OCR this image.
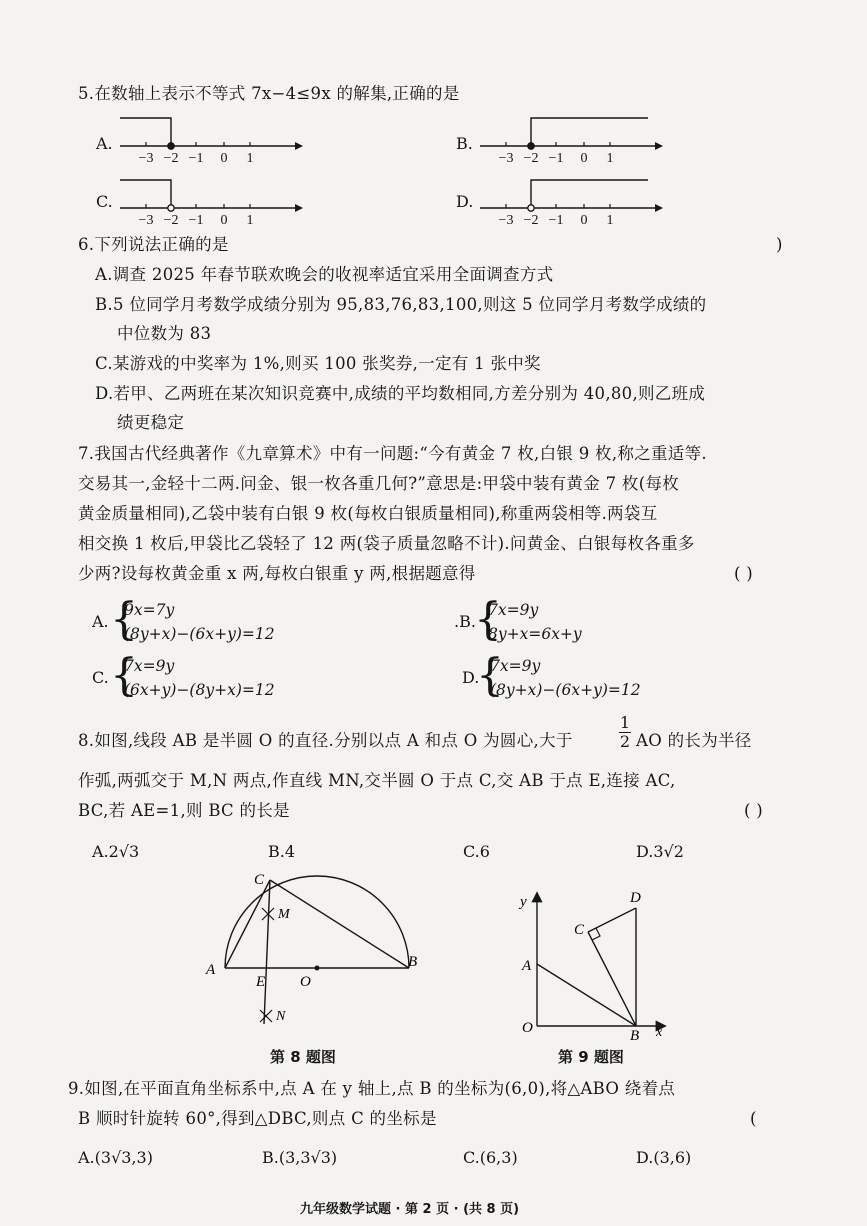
5.在数轴上表示不等式 7x−4≤9x 的解集,正确的是
A.
−3 −2 −1 0 1
B.
−3 −2 −1 0 1
C.
−3 −2 −1 0 1
D.
−3 −2 −1 0 1
6.下列说法正确的是	)
A.调查 2025 年春节联欢晚会的收视率适宜采用全面调查方式
B.5 位同学月考数学成绩分别为 95,83,76,83,100,则这 5 位同学月考数学成绩的
中位数为 83
C.某游戏的中奖率为 1%,则买 100 张奖券,一定有 1 张中奖
D.若甲、乙两班在某次知识竞赛中,成绩的平均数相同,方差分别为 40,80,则乙班成
绩更稳定
7.我国古代经典著作《九章算术》中有一问题:“今有黄金 7 枚,白银 9 枚,称之重适等.
交易其一,金轻十二两.问金、银一枚各重几何?”意思是:甲袋中装有黄金 7 枚(每枚
黄金质量相同),乙袋中装有白银 9 枚(每枚白银质量相同),称重两袋相等.两袋互
相交换 1 枚后,甲袋比乙袋轻了 12 两(袋子质量忽略不计).问黄金、白银每枚各重多
少两?设每枚黄金重 x 两,每枚白银重 y 两,根据题意得	( )
A. {
9x=7y
(8y+x)−(6x+y)=12
.B.
{
7x=9y
8y+x=6x+y
C. {
7x=9y
(6x+y)−(8y+x)=12
D.
{
7x=9y
(8y+x)−(6x+y)=12
8.如图,线段 AB 是半圆 O 的直径.分别以点 A 和点 O 为圆心,大于
1
2 AO 的长为半径
作弧,两弧交于 M,N 两点,作直线 MN,交半圆 O 于点 C,交 AB 于点 E,连接 AC,
BC,若 AE=1,则 BC 的长是	( )
A.2√3	B.4	C.6	D.3√2
C
M
A
E O
B
N
第 8 题图
y	D
C
A
O	B x
第 9 题图
9.如图,在平面直角坐标系中,点 A 在 y 轴上,点 B 的坐标为(6,0),将△ABO 绕着点
B 顺时针旋转 60°,得到△DBC,则点 C 的坐标是	(
A.(3√3,3)	B.(3,3√3)	C.(6,3)	D.(3,6)
九年级数学试题 · 第 2 页 · (共 8 页)
